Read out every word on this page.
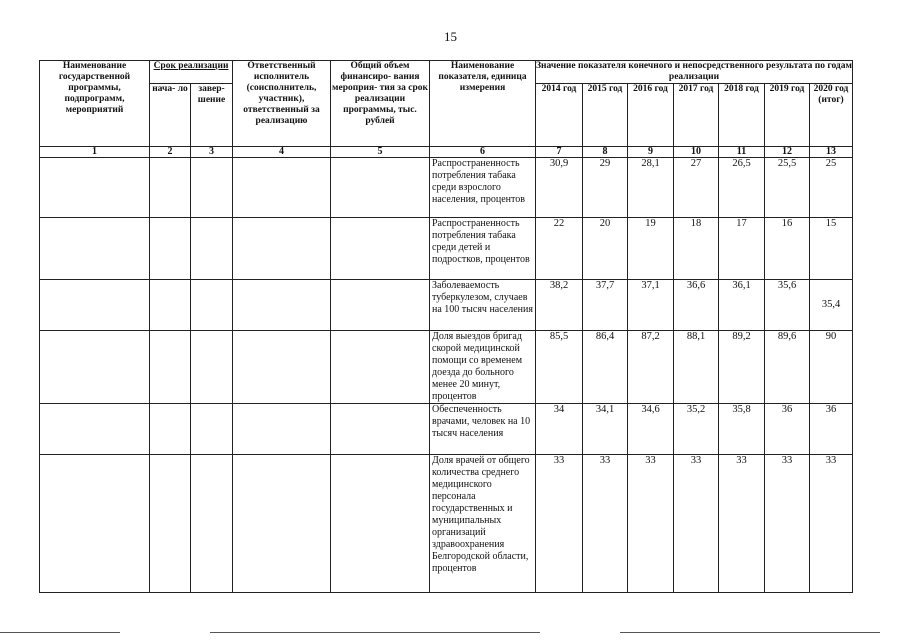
15
Наименование государственной программы, подпрограмм, мероприятий	Срок реализации		Ответственный исполнитель (соисполнитель, участник), ответственный за реализацию	Общий объем финансиро- вания мероприя- тия за срок реализации программы, тыс. рублей	Наименование показателя, единица измерения	Значение показателя конечного и непосредственного результата по годам реализации						
	нача- ло	завер- шение				2014 год	2015 год	2016 год	2017 год	2018 год	2019 год	2020 год (итог)
1	2	3	4	5	6	7	8	9	10	11	12	13
					Распространенность потребления табака среди взрослого населения, процентов	30,9	29	28,1	27	26,5	25,5	25
					Распространенность потребления табака среди детей и подростков, процентов	22	20	19	18	17	16	15
					Заболеваемость туберкулезом, случаев на 100 тысяч населения	38,2	37,7	37,1	36,6	36,1	35,6	35,4
					Доля выездов бригад скорой медицинской помощи со временем доезда до больного менее 20 минут, процентов	85,5	86,4	87,2	88,1	89,2	89,6	90
					Обеспеченность врачами, человек на 10 тысяч населения	34	34,1	34,6	35,2	35,8	36	36
					Доля врачей от общего количества среднего медицинского персонала государственных и муниципальных организаций здравоохранения Белгородской области, процентов	33	33	33	33	33	33	33
